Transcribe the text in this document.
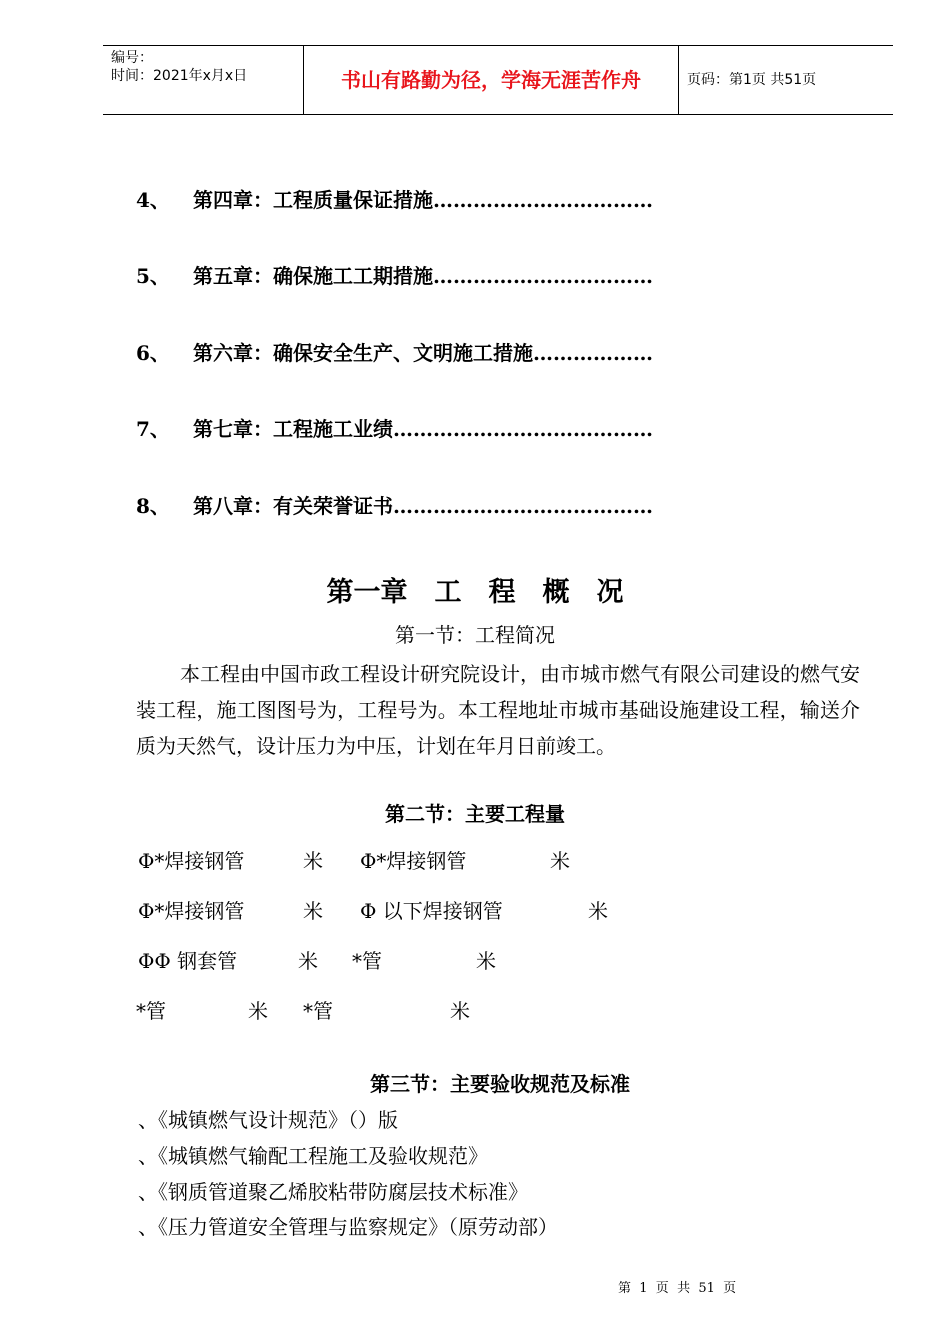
编号：
时间：2021年x月x日	书山有路勤为径，学海无涯苦作舟	页码：第1页 共51页
4、 第四章：工程质量保证措施……………………………
5、 第五章：确保施工工期措施……………………………
6、 第六章：确保安全生产、文明施工措施………………
7、 第七章：工程施工业绩…………………………………
8、 第八章：有关荣誉证书…………………………………
第一章　工　程　概　况
第一节：工程简况
本工程由中国市政工程设计研究院设计，由市城市燃气有限公司建设的燃气安装工程，施工图图号为，工程号为。本工程地址市城市基础设施建设工程，输送介质为天然气，设计压力为中压，计划在年月日前竣工。
第二节：主要工程量
Φ*焊接钢管	米 Φ*焊接钢管	米
Φ*焊接钢管	米 Φ 以下焊接钢管	米
ΦΦ 钢套管	米 *管	米
*管	米 *管	米
第三节：主要验收规范及标准
、《城镇燃气设计规范》（）版
、《城镇燃气输配工程施工及验收规范》
、《钢质管道聚乙烯胶粘带防腐层技术标准》
、《压力管道安全管理与监察规定》（原劳动部）
第  1  页  共  51  页
